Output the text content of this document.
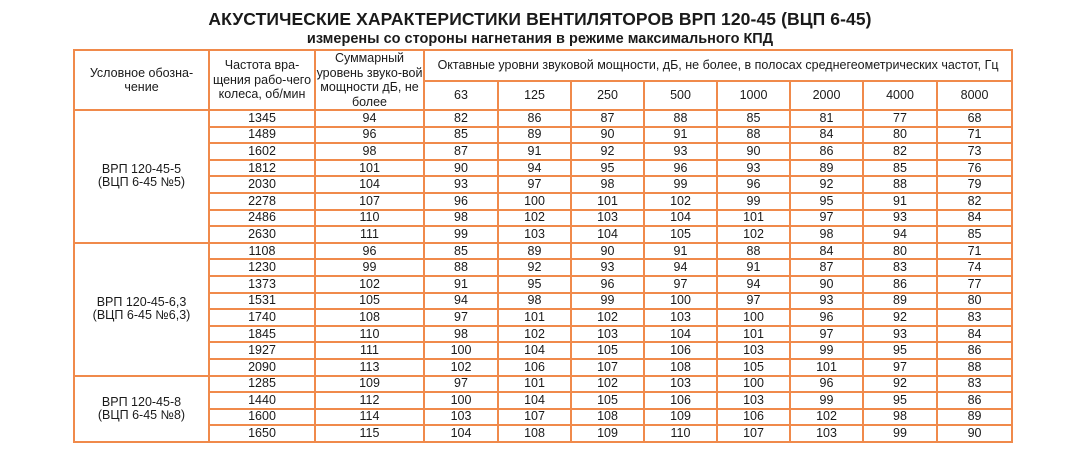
АКУСТИЧЕСКИЕ ХАРАКТЕРИСТИКИ ВЕНТИЛЯТОРОВ ВРП 120-45 (ВЦП 6-45)
измерены со стороны нагнетания в режиме максимального КПД
Условное обозна-чение	Частота вра-щения рабо-чего колеса, об/мин	Суммарный уровень звуко-вой мощности дБ, не более	Октавные уровни звуковой мощности, дБ, не более, в полосах среднегеометрических частот, Гц							
			63	125	250	500	1000	2000	4000	8000

ВРП 120-45-5
(ВЦП 6-45 №5)	1345	94	82	86	87	88	85	81	77	68
	1489	96	85	89	90	91	88	84	80	71
	1602	98	87	91	92	93	90	86	82	73
	1812	101	90	94	95	96	93	89	85	76
	2030	104	93	97	98	99	96	92	88	79
	2278	107	96	100	101	102	99	95	91	82
	2486	110	98	102	103	104	101	97	93	84
	2630	111	99	103	104	105	102	98	94	85

ВРП 120-45-6,3
(ВЦП 6-45 №6,3)	1108	96	85	89	90	91	88	84	80	71
	1230	99	88	92	93	94	91	87	83	74
	1373	102	91	95	96	97	94	90	86	77
	1531	105	94	98	99	100	97	93	89	80
	1740	108	97	101	102	103	100	96	92	83
	1845	110	98	102	103	104	101	97	93	84
	1927	111	100	104	105	106	103	99	95	86
	2090	113	102	106	107	108	105	101	97	88

ВРП 120-45-8
(ВЦП 6-45 №8)	1285	109	97	101	102	103	100	96	92	83
	1440	112	100	104	105	106	103	99	95	86
	1600	114	103	107	108	109	106	102	98	89
	1650	115	104	108	109	110	107	103	99	90
